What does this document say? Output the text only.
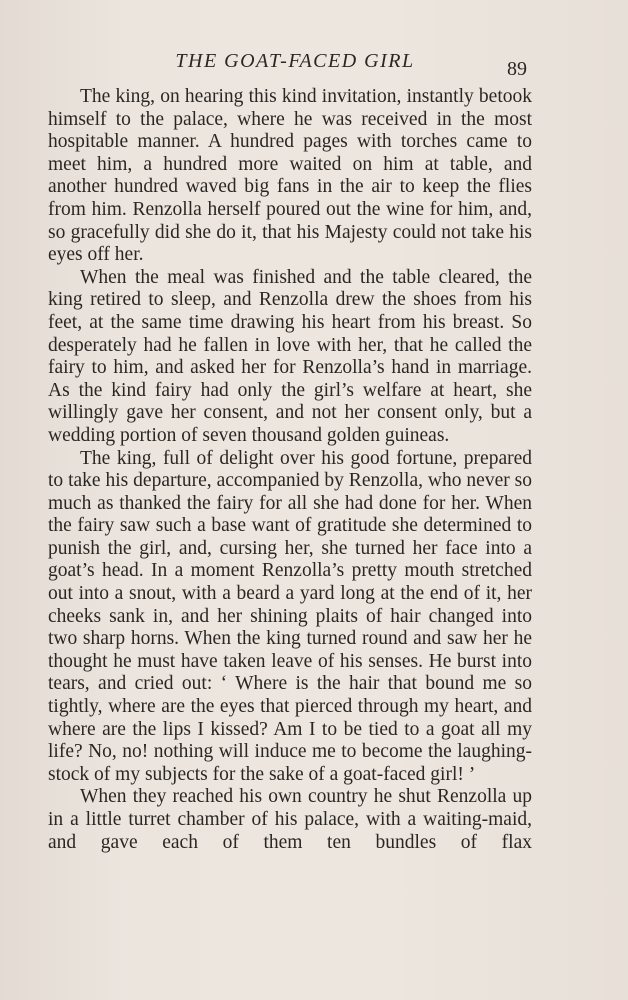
THE GOAT-FACED GIRL	89

The king, on hearing this kind invitation, instantly betook himself to the palace, where he was received in the most hospitable manner. A hundred pages with torches came to meet him, a hundred more waited on him at table, and another hundred waved big fans in the air to keep the flies from him. Renzolla herself poured out the wine for him, and, so gracefully did she do it, that his Majesty could not take his eyes off her.

When the meal was finished and the table cleared, the king retired to sleep, and Renzolla drew the shoes from his feet, at the same time drawing his heart from his breast. So desperately had he fallen in love with her, that he called the fairy to him, and asked her for Renzolla’s hand in marriage. As the kind fairy had only the girl’s welfare at heart, she willingly gave her consent, and not her consent only, but a wedding portion of seven thousand golden guineas.

The king, full of delight over his good fortune, prepared to take his departure, accompanied by Renzolla, who never so much as thanked the fairy for all she had done for her. When the fairy saw such a base want of gratitude she determined to punish the girl, and, cursing her, she turned her face into a goat’s head. In a moment Renzolla’s pretty mouth stretched out into a snout, with a beard a yard long at the end of it, her cheeks sank in, and her shining plaits of hair changed into two sharp horns. When the king turned round and saw her he thought he must have taken leave of his senses. He burst into tears, and cried out: ‘ Where is the hair that bound me so tightly, where are the eyes that pierced through my heart, and where are the lips I kissed? Am I to be tied to a goat all my life? No, no! nothing will induce me to become the laughing-stock of my subjects for the sake of a goat-faced girl! ’

When they reached his own country he shut Renzolla up in a little turret chamber of his palace, with a waiting-maid, and gave each of them ten bundles of flax
